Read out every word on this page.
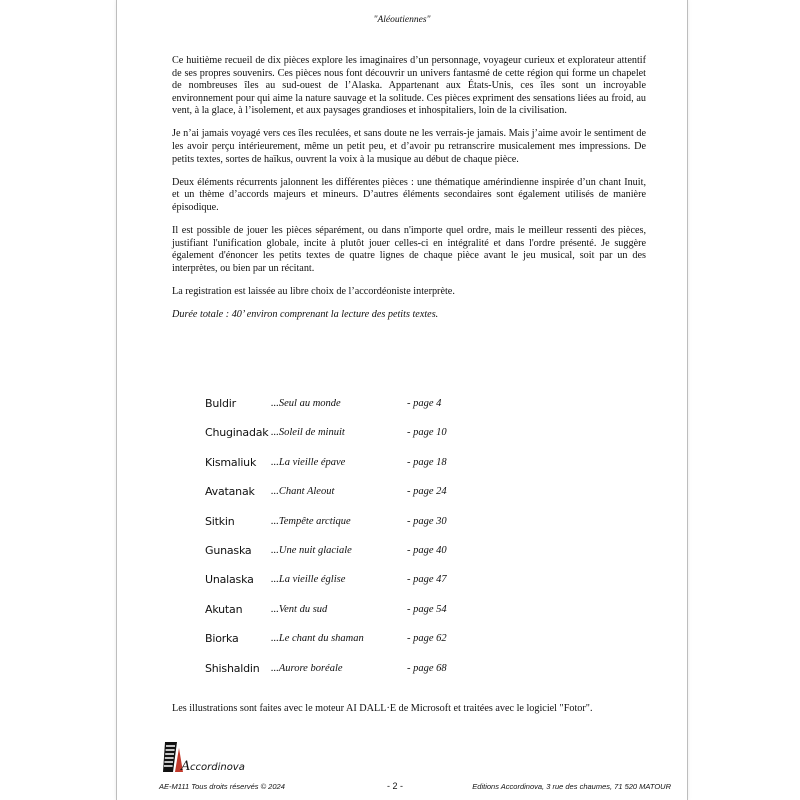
"Aléoutiennes"

Ce huitième recueil de dix pièces explore les imaginaires d’un personnage, voyageur curieux et explorateur attentif de ses propres souvenirs. Ces pièces nous font découvrir un univers fantasmé de cette région qui forme un chapelet de nombreuses îles au sud-ouest de l’Alaska. Appartenant aux États-Unis, ces îles sont un incroyable environnement pour qui aime la nature sauvage et la solitude. Ces pièces expriment des sensations liées au froid, au vent, à la glace, à l’isolement, et aux paysages grandioses et inhospitaliers, loin de la civilisation.

Je n’ai jamais voyagé vers ces îles reculées, et sans doute ne les verrais-je jamais. Mais j’aime avoir le sentiment de les avoir perçu intérieurement, même un petit peu, et d’avoir pu retranscrire musicalement mes impressions. De petits textes, sortes de haïkus, ouvrent la voix à la musique au début de chaque pièce.

Deux éléments récurrents jalonnent les différentes pièces : une thématique amérindienne inspirée d’un chant Inuit, et un thème d’accords majeurs et mineurs. D’autres éléments secondaires sont également utilisés de manière épisodique.

Il est possible de jouer les pièces séparément, ou dans n'importe quel ordre, mais le meilleur ressenti des pièces, justifiant l'unification globale, incite à plutôt jouer celles-ci en intégralité et dans l'ordre présenté. Je suggère également d'énoncer les petits textes de quatre lignes de chaque pièce avant le jeu musical, soit par un des interprètes, ou bien par un récitant.

La registration est laissée au libre choix de l’accordéoniste interprète.

Durée totale : 40’ environ comprenant la lecture des petits textes.

Buldir	...Seul au monde	- page 4
Chuginadak ...Soleil de minuit	- page 10
Kismaliuk ...La vieille épave	- page 18
Avatanak ...Chant Aleout	- page 24
Sitkin	...Tempête arctique	- page 30
Gunaska ...Une nuit glaciale	- page 40
Unalaska ...La vieille église	- page 47
Akutan	...Vent du sud	- page 54
Biorka	...Le chant du shaman	- page 62
Shishaldin ...Aurore boréale	- page 68
Les illustrations sont faites avec le moteur AI DALL·E de Microsoft et traitées avec le logiciel "Fotor".
A ccordinova
AE-M111 Tous droits réservés © 2024	- 2 -	Editions Accordinova, 3 rue des chaumes, 71 520 MATOUR
